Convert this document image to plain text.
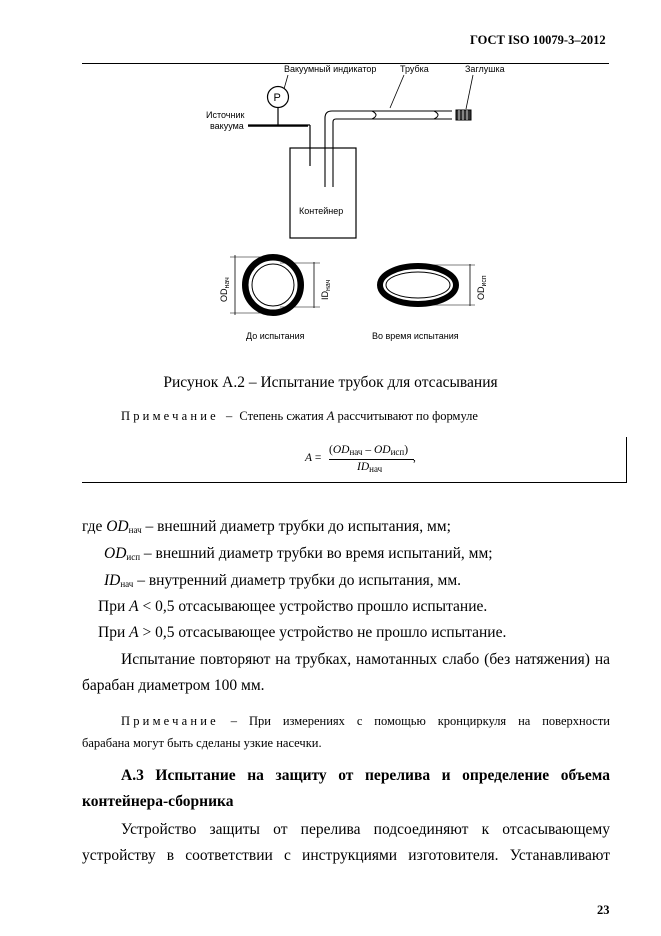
ГОСТ ISO 10079-3–2012
Вакуумный индикатор	Трубка	Заглушка
P
Источник
вакуума
Контейнер
$OD_{нач}$
$ID_{нач}$
$OD_{исп}$
До испытания	Во время испытания
Рисунок А.2 – Испытание трубок для отсасывания
Примечание – Степень сжатия A рассчитывают по формуле
A =
$(OD_{нач} - OD_{исп})$
$ID_{нач}$
,
где $OD_{нач}$ – внешний диаметр трубки до испытания, мм;
$OD_{исп}$ – внешний диаметр трубки во время испытаний, мм;
$ID_{нач}$ – внутренний диаметр трубки до испытания, мм.
При A < 0,5 отсасывающее устройство прошло испытание.
При A > 0,5 отсасывающее устройство не прошло испытание.
Испытание повторяют на трубках, намотанных слабо (без натяжения) на
барабан диаметром 100 мм.
Примечание – При измерениях с помощью кронциркуля на поверхности
барабана могут быть сделаны узкие насечки.
А.3 Испытание на защиту от перелива и определение объема
контейнера-сборника
Устройство защиты от перелива подсоединяют к отсасывающему
устройству в соответствии с инструкциями изготовителя. Устанавливают
23
